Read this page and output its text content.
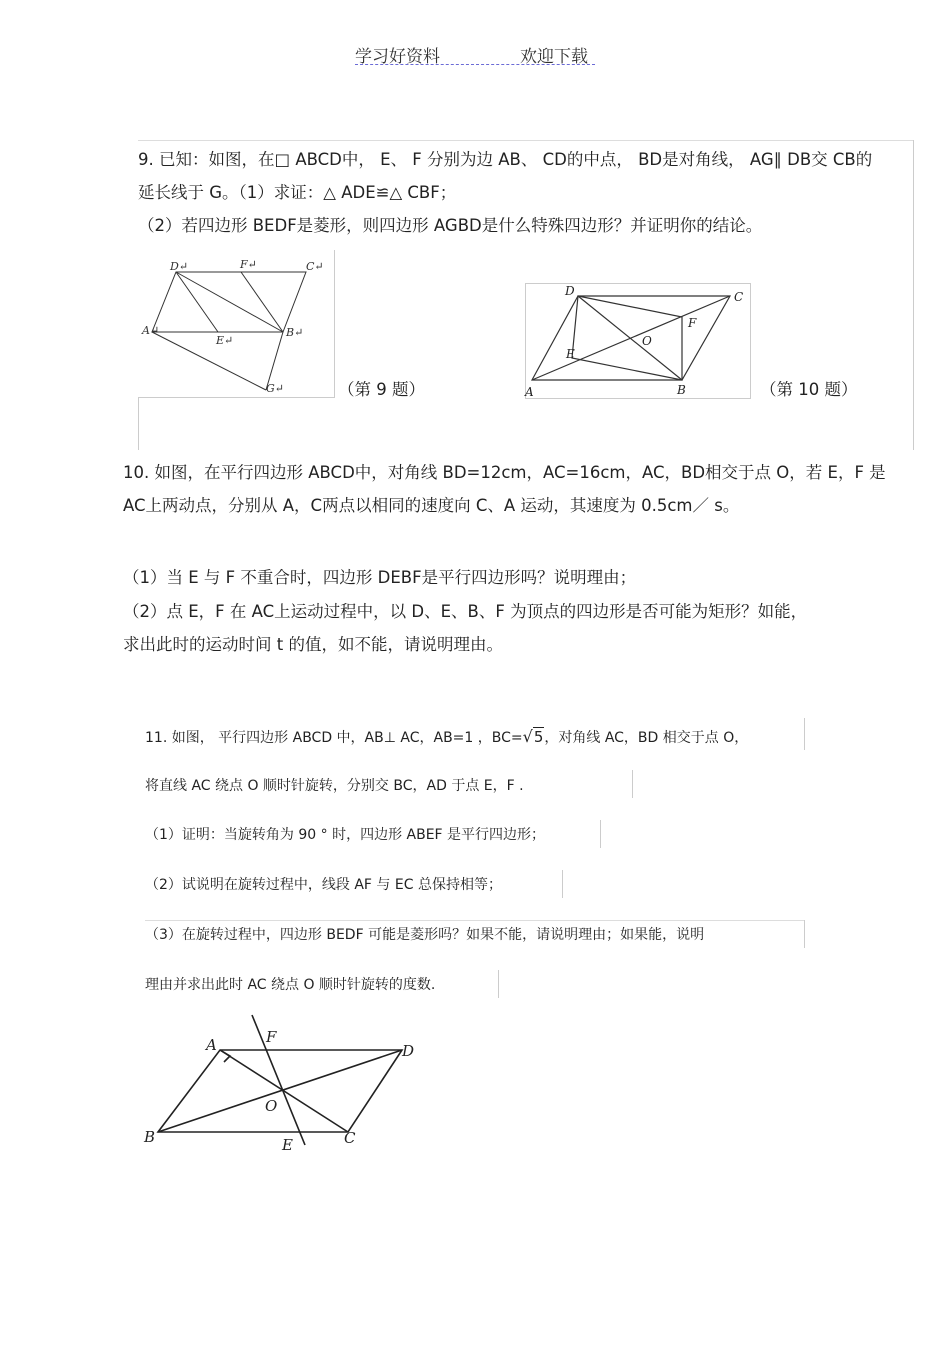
学习好资料	欢迎下载
9. 已知：如图，在□ ABCD中， E、 F 分别为边 AB、 CD的中点， BD是对角线， AG∥ DB交 CB的
延长线于 G。（1）求证：△ ADE≌△ CBF；
（2）若四边形 BEDF是菱形，则四边形 AGBD是什么特殊四边形？并证明你的结论。
D↵	F↵	C↵
A↵
E↵
B↵
G↵	（第 9 题）
D	C
F
O
E
A	B	（第 10 题）
10. 如图，在平行四边形 ABCD中，对角线 BD=12cm，AC=16cm，AC，BD相交于点 O，若 E，F 是
AC上两动点，分别从 A，C两点以相同的速度向 C、A 运动，其速度为 0.5cm／ s。
（1）当 E 与 F 不重合时，四边形 DEBF是平行四边形吗？说明理由；
（2）点 E，F 在 AC上运动过程中，以 D、E、B、F 为顶点的四边形是否可能为矩形？如能，
求出此时的运动时间 t 的值，如不能，请说明理由。
11. 如图， 平行四边形 ABCD 中，AB⊥ AC，AB=1 ，BC=√5，对角线 AC，BD 相交于点 O，
将直线 AC 绕点 O 顺时针旋转，分别交 BC，AD 于点 E，F .
（1）证明：当旋转角为 90 ° 时，四边形 ABEF 是平行四边形；
（2）试说明在旋转过程中，线段 AF 与 EC 总保持相等；
（3）在旋转过程中，四边形 BEDF 可能是菱形吗？如果不能，请说明理由；如果能，说明
理由并求出此时 AC 绕点 O 顺时针旋转的度数.
A	F
D
O
B	E	C
